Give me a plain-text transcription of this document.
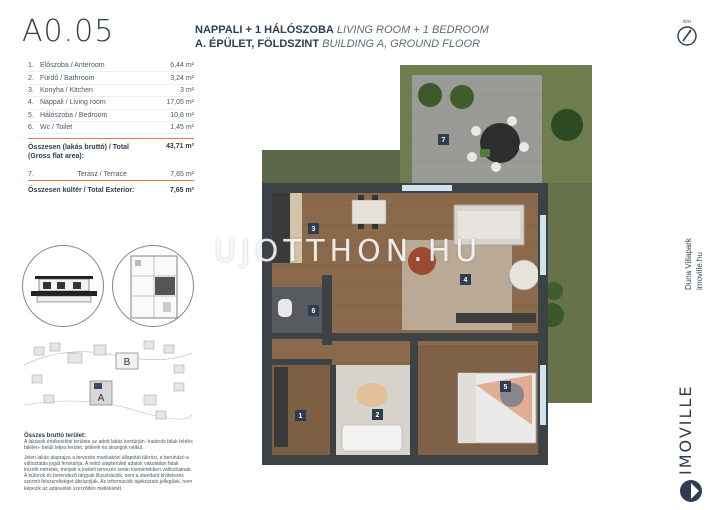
A0.05	NAPPALI + 1 HÁLÓSZOBA LIVING ROOM + 1 BEDROOM
A. ÉPÜLET, FÖLDSZINT BUILDING A, GROUND FLOOR
É/N
1. Előszoba / Anteroom	6,44 m²
2. Fürdő / Bathroom	3,24 m²
3. Konyha / Kitchen	3 m²
4. Nappali / Living room	17,05 m²
5. Hálószoba / Bedroom	10,8 m²
6. Wc / Toilet	1,45 m²
Összesen (lakás bruttó) / Total (Gross flat area):
43,71 m²
7.	Terasz / Terrace	7,65 m²
Összesen kültér / Total Exterior:	7,65 m²
B
A
Összes bruttó terület:
A lakások értékesítési területe az adott lakás kontúrján -határoló falak bérlés falélén- belüli teljes terület, pillérek és strangok nélkül.
Jelen lakás alaprajza a tervezés munkaközi állapotát tükrözi, a beruházó a változtatás jogát fenntartja. A nettó alapterületi adatok vakolatlan falak közötti méretek, melyek a kiviteli tervezés során kismértékben változhatnak. A bútorok és berendező tárgyak illusztrációk, nem a standard kivitelezés szerinti felszereltséget ábrázolják. Az információk tájékoztató jellegűek, nem képezik az adásvételi szerződés mellékletét.
1	2
3
4
5
6
7
UJOTTHON.HU	Duna Villapark imoville.hu
IMOVILLE
